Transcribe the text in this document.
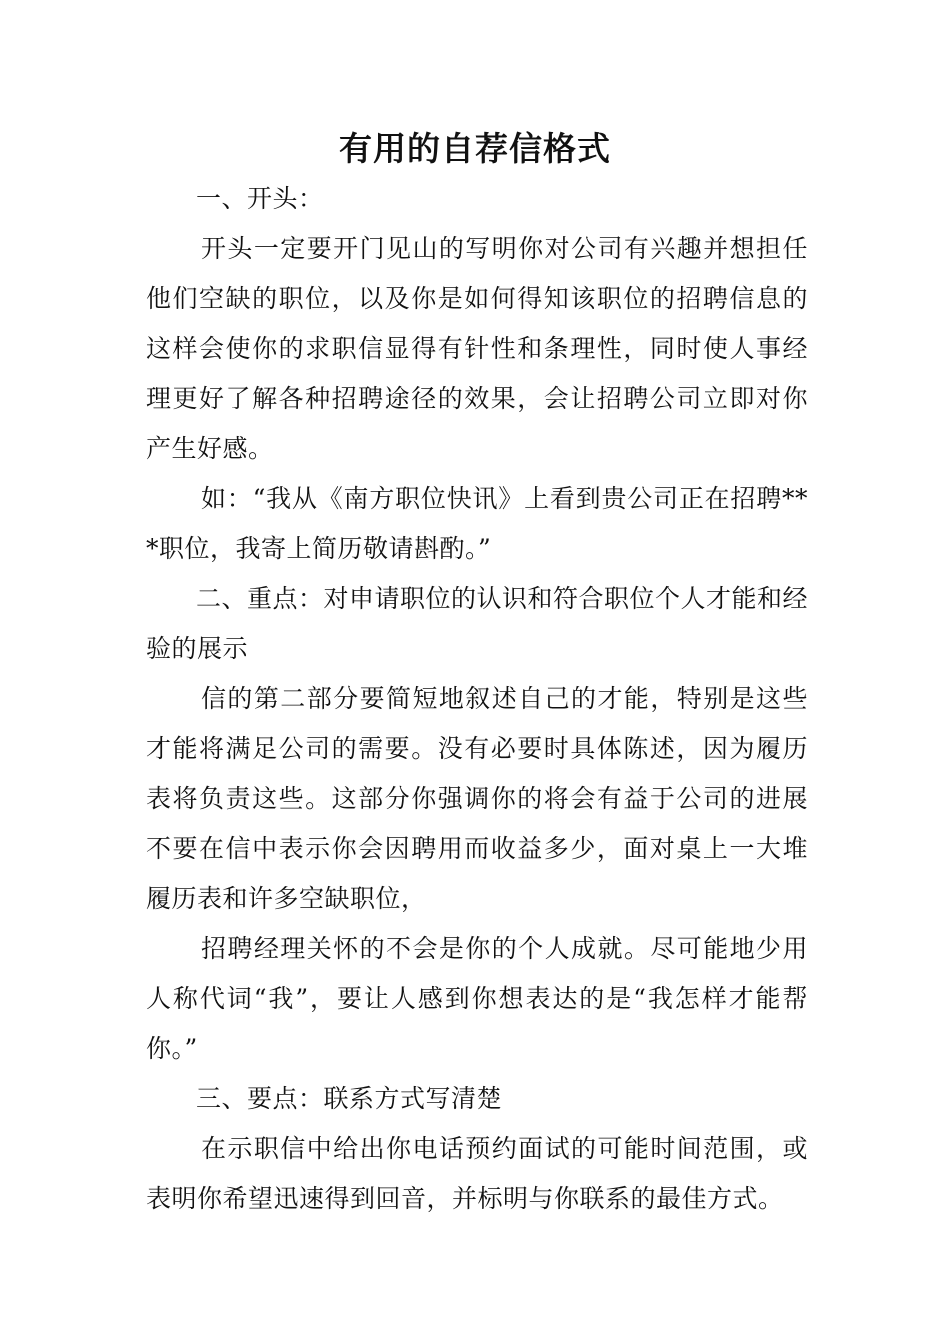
有用的自荐信格式

一、开头：

开头一定要开门见山的写明你对公司有兴趣并想担任他们空缺的职位，以及你是如何得知该职位的招聘信息的这样会使你的求职信显得有针性和条理性，同时使人事经理更好了解各种招聘途径的效果，会让招聘公司立即对你产生好感。

如：“我从《南方职位快讯》上看到贵公司正在招聘***职位，我寄上简历敬请斟酌。”

二、重点：对申请职位的认识和符合职位个人才能和经验的展示

信的第二部分要简短地叙述自己的才能，特别是这些才能将满足公司的需要。没有必要时具体陈述，因为履历表将负责这些。这部分你强调你的将会有益于公司的进展不要在信中表示你会因聘用而收益多少，面对桌上一大堆履历表和许多空缺职位，

招聘经理关怀的不会是你的个人成就。尽可能地少用人称代词“我”，要让人感到你想表达的是“我怎样才能帮你。”

三、要点：联系方式写清楚

在示职信中给出你电话预约面试的可能时间范围，或表明你希望迅速得到回音，并标明与你联系的最佳方式。
